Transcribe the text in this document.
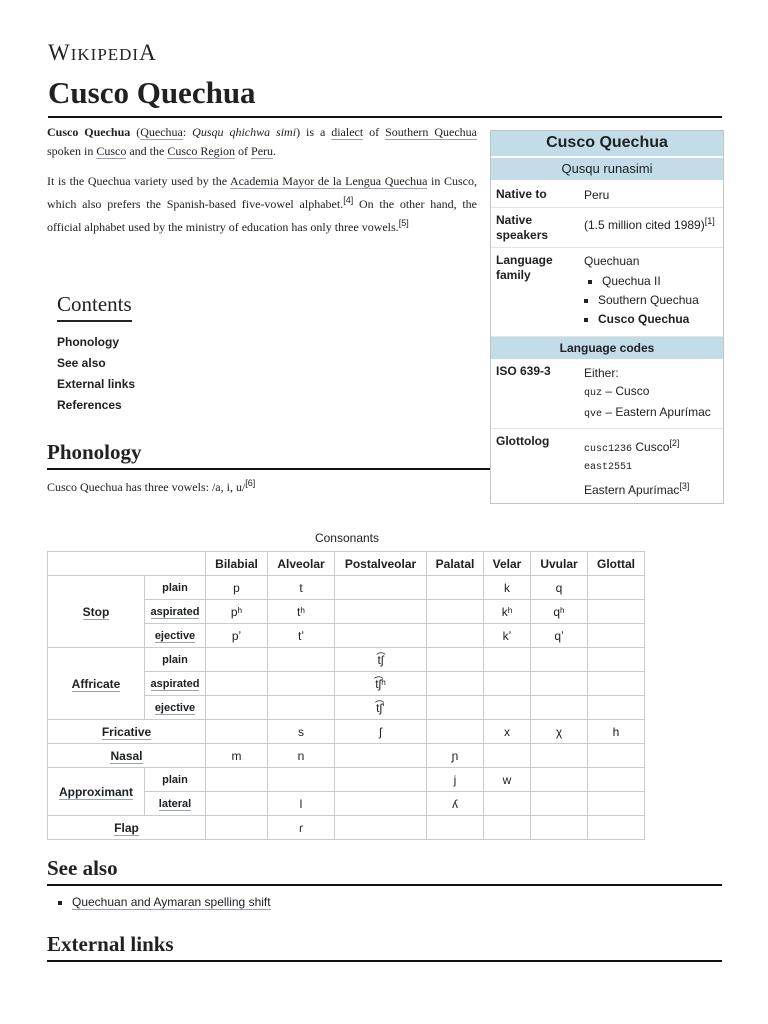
WIKIPEDIA
Cusco Quechua

Cusco Quechua (Quechua: Qusqu qhichwa simi) is a dialect of Southern Quechua spoken in Cusco and the Cusco Region of Peru.

It is the Quechua variety used by the Academia Mayor de la Lengua Quechua in Cusco, which also prefers the Spanish-based five-vowel alphabet.[4] On the other hand, the official alphabet used by the ministry of education has only three vowels.[5]

Contents
Phonology
See also
External links
References
Phonology
Cusco Quechua has three vowels: /a, i, u/[6]
Cusco Quechua
Qusqu runasimi
Native to	Peru
Native speakers
(1.5 million cited 1989)[1]
Language family
Quechuan
▪ Quechua II
▪ Southern Quechua
▪ Cusco Quechua
Language codes
ISO 639-3	Either:
quz – Cusco
qve – Eastern Apurímac
Glottolog
cusc1236 Cusco[2]
east2551
Eastern Apurímac[3]
Consonants
		Bilabial	Alveolar	Postalveolar	Palatal	Velar	Uvular	Glottal
Stop	plain	p	t			k	q	
	aspirated	pʰ	tʰ			kʰ	qʰ	
	ejective	pʼ	tʼ			kʼ	qʼ	
Affricate	plain			t͡ʃ				
	aspirated			t͡ʃʰ				
	ejective			t͡ʃʼ				
Fricative			s	ʃ		x	χ	h
Nasal		m	n		ɲ			
Approximant	plain				j	w		
	lateral		l		ʎ			
Flap			ɾ					
See also
▪ Quechuan and Aymaran spelling shift
External links
